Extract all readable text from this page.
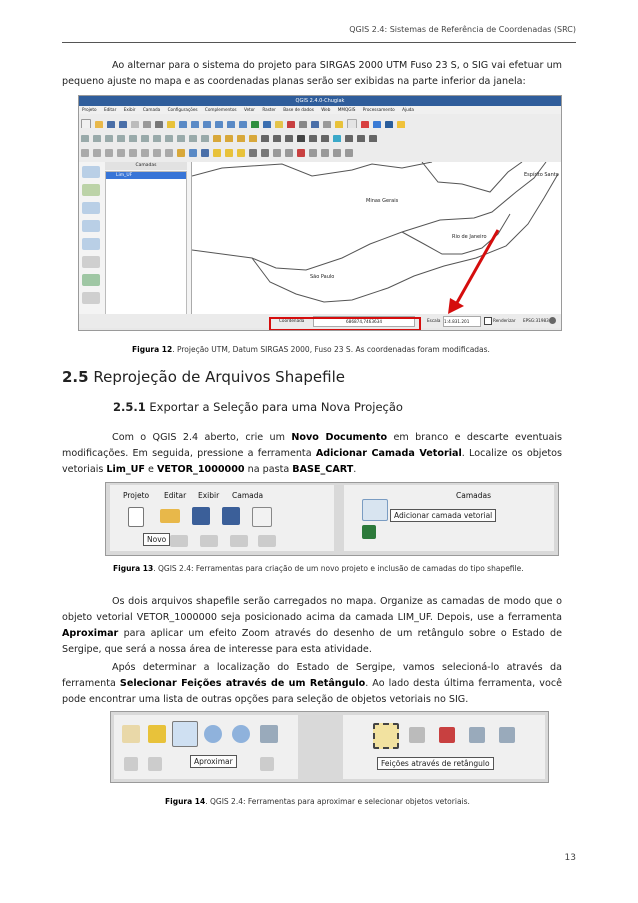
QGIS 2.4: Sistemas de Referência de Coordenadas (SRC)

Ao alternar para o sistema do projeto para SIRGAS 2000 UTM Fuso 23 S, o SIG vai efetuar um pequeno ajuste no mapa e as coordenadas planas serão ser exibidas na parte inferior da janela:

QGIS 2.4.0-Chugiak
Projeto Editar Exibir Camada Configurações Complementos Vetor Raster Base de dados Web MMQGIS Processamento Ajuda
Camadas
Lim_UF	Espírito Santo
Minas Gerais
Rio de Janeiro
São Paulo
Coordenada	686874,7463634	Escala 1:4.831.201	Renderizar EPSG:31983

Figura 12. Projeção UTM, Datum SIRGAS 2000, Fuso 23 S. As coordenadas foram modificadas.

2.5 Reprojeção de Arquivos Shapefile
2.5.1 Exportar a Seleção para uma Nova Projeção

Com o QGIS 2.4 aberto, crie um Novo Documento em branco e descarte eventuais modificações. Em seguida, pressione a ferramenta Adicionar Camada Vetorial. Localize os objetos vetoriais Lim_UF e VETOR_1000000 na pasta BASE_CART.

Projeto Editar Exibir Camada
Novo
Camadas
Adicionar camada vetorial

Figura 13. QGIS 2.4: Ferramentas para criação de um novo projeto e inclusão de camadas do tipo shapefile.

Os dois arquivos shapefile serão carregados no mapa. Organize as camadas de modo que o objeto vetorial VETOR_1000000 seja posicionado acima da camada LIM_UF. Depois, use a ferramenta Aproximar para aplicar um efeito Zoom através do desenho de um retângulo sobre o Estado de Sergipe, que será a nossa área de interesse para esta atividade.

Após determinar a localização do Estado de Sergipe, vamos selecioná-lo através da ferramenta Selecionar Feições através de um Retângulo. Ao lado desta última ferramenta, você pode encontrar uma lista de outras opções para seleção de objetos vetoriais no SIG.

Aproximar	Feições através de retângulo

Figura 14. QGIS 2.4: Ferramentas para aproximar e selecionar objetos vetoriais.

13
